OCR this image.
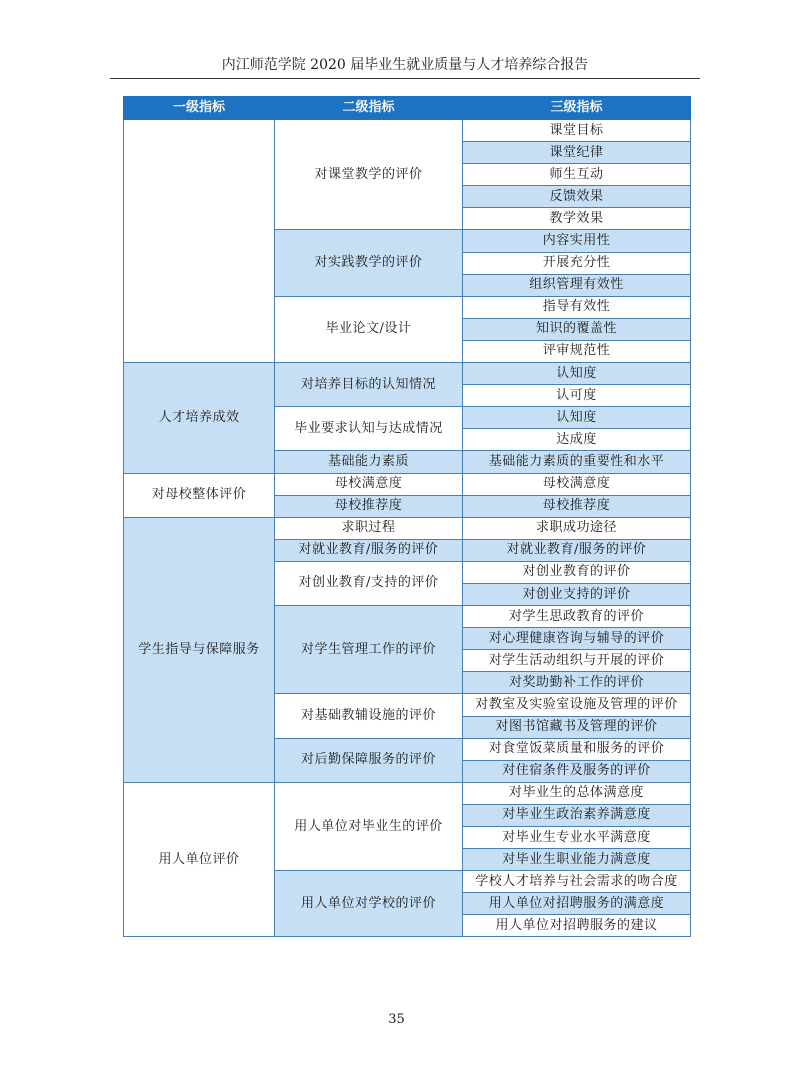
内江师范学院 2020 届毕业生就业质量与人才培养综合报告
一级指标	二级指标	三级指标
	对课堂教学的评价	课堂目标
		课堂纪律
		师生互动
		反馈效果
		教学效果
	对实践教学的评价	内容实用性
		开展充分性
		组织管理有效性
	毕业论文/设计	指导有效性
		知识的覆盖性
		评审规范性
人才培养成效	对培养目标的认知情况	认知度
		认可度
	毕业要求认知与达成情况	认知度
		达成度
	基础能力素质	基础能力素质的重要性和水平
对母校整体评价	母校满意度	母校满意度
	母校推荐度	母校推荐度
学生指导与保障服务	求职过程	求职成功途径
	对就业教育/服务的评价	对就业教育/服务的评价
	对创业教育/支持的评价	对创业教育的评价
		对创业支持的评价
	对学生管理工作的评价	对学生思政教育的评价
		对心理健康咨询与辅导的评价
		对学生活动组织与开展的评价
		对奖助勤补工作的评价
	对基础教辅设施的评价	对教室及实验室设施及管理的评价
		对图书馆藏书及管理的评价
	对后勤保障服务的评价	对食堂饭菜质量和服务的评价
		对住宿条件及服务的评价
用人单位评价	用人单位对毕业生的评价	对毕业生的总体满意度
		对毕业生政治素养满意度
		对毕业生专业水平满意度
		对毕业生职业能力满意度
	用人单位对学校的评价	学校人才培养与社会需求的吻合度
		用人单位对招聘服务的满意度
		用人单位对招聘服务的建议
35
